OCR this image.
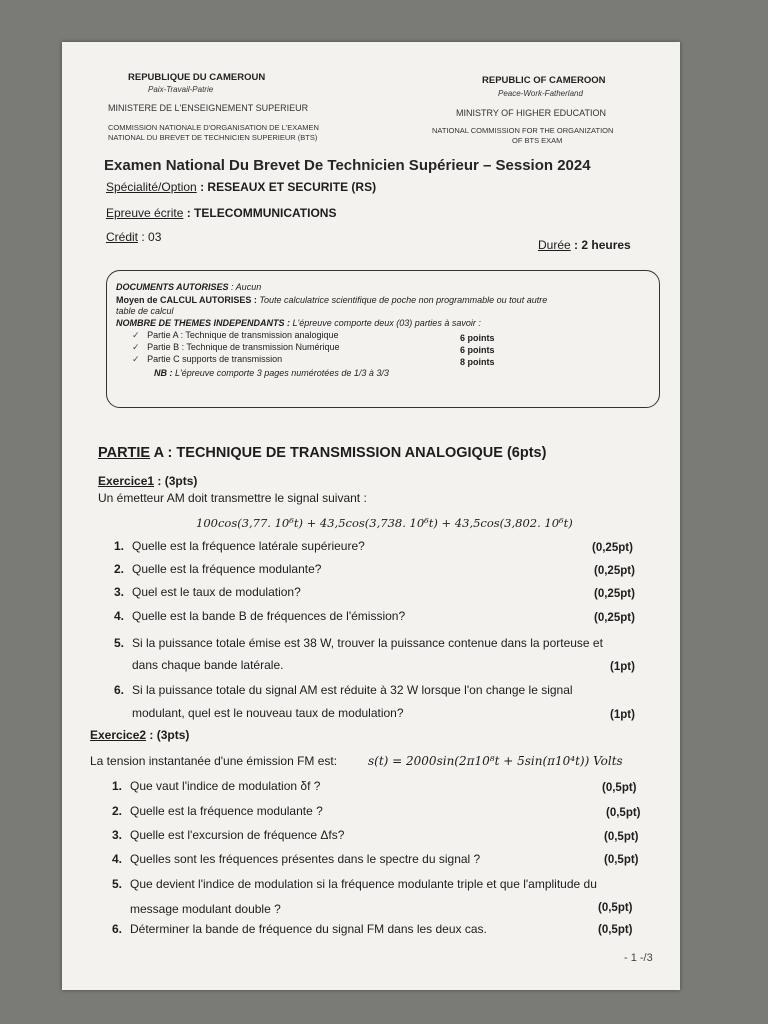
REPUBLIQUE DU CAMEROUN
Paix-Travail-Patrie
MINISTERE DE L'ENSEIGNEMENT SUPERIEUR
COMMISSION NATIONALE D'ORGANISATION DE L'EXAMEN
NATIONAL DU BREVET DE TECHNICIEN SUPERIEUR (BTS)
REPUBLIC OF CAMEROON
Peace-Work-Fatherland
MINISTRY OF HIGHER EDUCATION
NATIONAL COMMISSION FOR THE ORGANIZATION
OF BTS EXAM
Examen National Du Brevet De Technicien Supérieur – Session 2024
Spécialité/Option : RESEAUX ET SECURITE (RS)
Epreuve écrite : TELECOMMUNICATIONS
Crédit : 03
Durée : 2 heures
DOCUMENTS AUTORISES : Aucun
Moyen de CALCUL AUTORISES : Toute calculatrice scientifique de poche non programmable ou tout autre
table de calcul
NOMBRE DE THEMES INDEPENDANTS : L'épreuve comporte deux (03) parties à savoir :
✓ Partie A : Technique de transmission analogique	6 points
✓ Partie B : Technique de transmission Numérique	6 points
✓ Partie C supports de transmission	8 points
NB : L'épreuve comporte 3 pages numérotées de 1/3 à 3/3
PARTIE A : TECHNIQUE DE TRANSMISSION ANALOGIQUE (6pts)
Exercice1 : (3pts)
Un émetteur AM doit transmettre le signal suivant :
100cos(3,77. 10⁶t) + 43,5cos(3,738. 10⁶t) + 43,5cos(3,802. 10⁶t)
1. Quelle est la fréquence latérale supérieure?	(0,25pt)
2. Quelle est la fréquence modulante?	(0,25pt)
3. Quel est le taux de modulation?	(0,25pt)
4. Quelle est la bande B de fréquences de l'émission?	(0,25pt)
5. Si la puissance totale émise est 38 W, trouver la puissance contenue dans la porteuse et
dans chaque bande latérale.	(1pt)
6. Si la puissance totale du signal AM est réduite à 32 W lorsque l'on change le signal
modulant, quel est le nouveau taux de modulation?	(1pt)
Exercice2 : (3pts)
La tension instantanée d'une émission FM est:	s(t) = 2000sin(2π10⁸t + 5sin(π10⁴t)) Volts
1. Que vaut l'indice de modulation δf ?	(0,5pt)
2. Quelle est la fréquence modulante ?	(0,5pt)
3. Quelle est l'excursion de fréquence Δfs?	(0,5pt)
4. Quelles sont les fréquences présentes dans le spectre du signal ?	(0,5pt)
5. Que devient l'indice de modulation si la fréquence modulante triple et que l'amplitude du
message modulant double ?	(0,5pt)
6. Déterminer la bande de fréquence du signal FM dans les deux cas.	(0,5pt)
- 1 -/3
